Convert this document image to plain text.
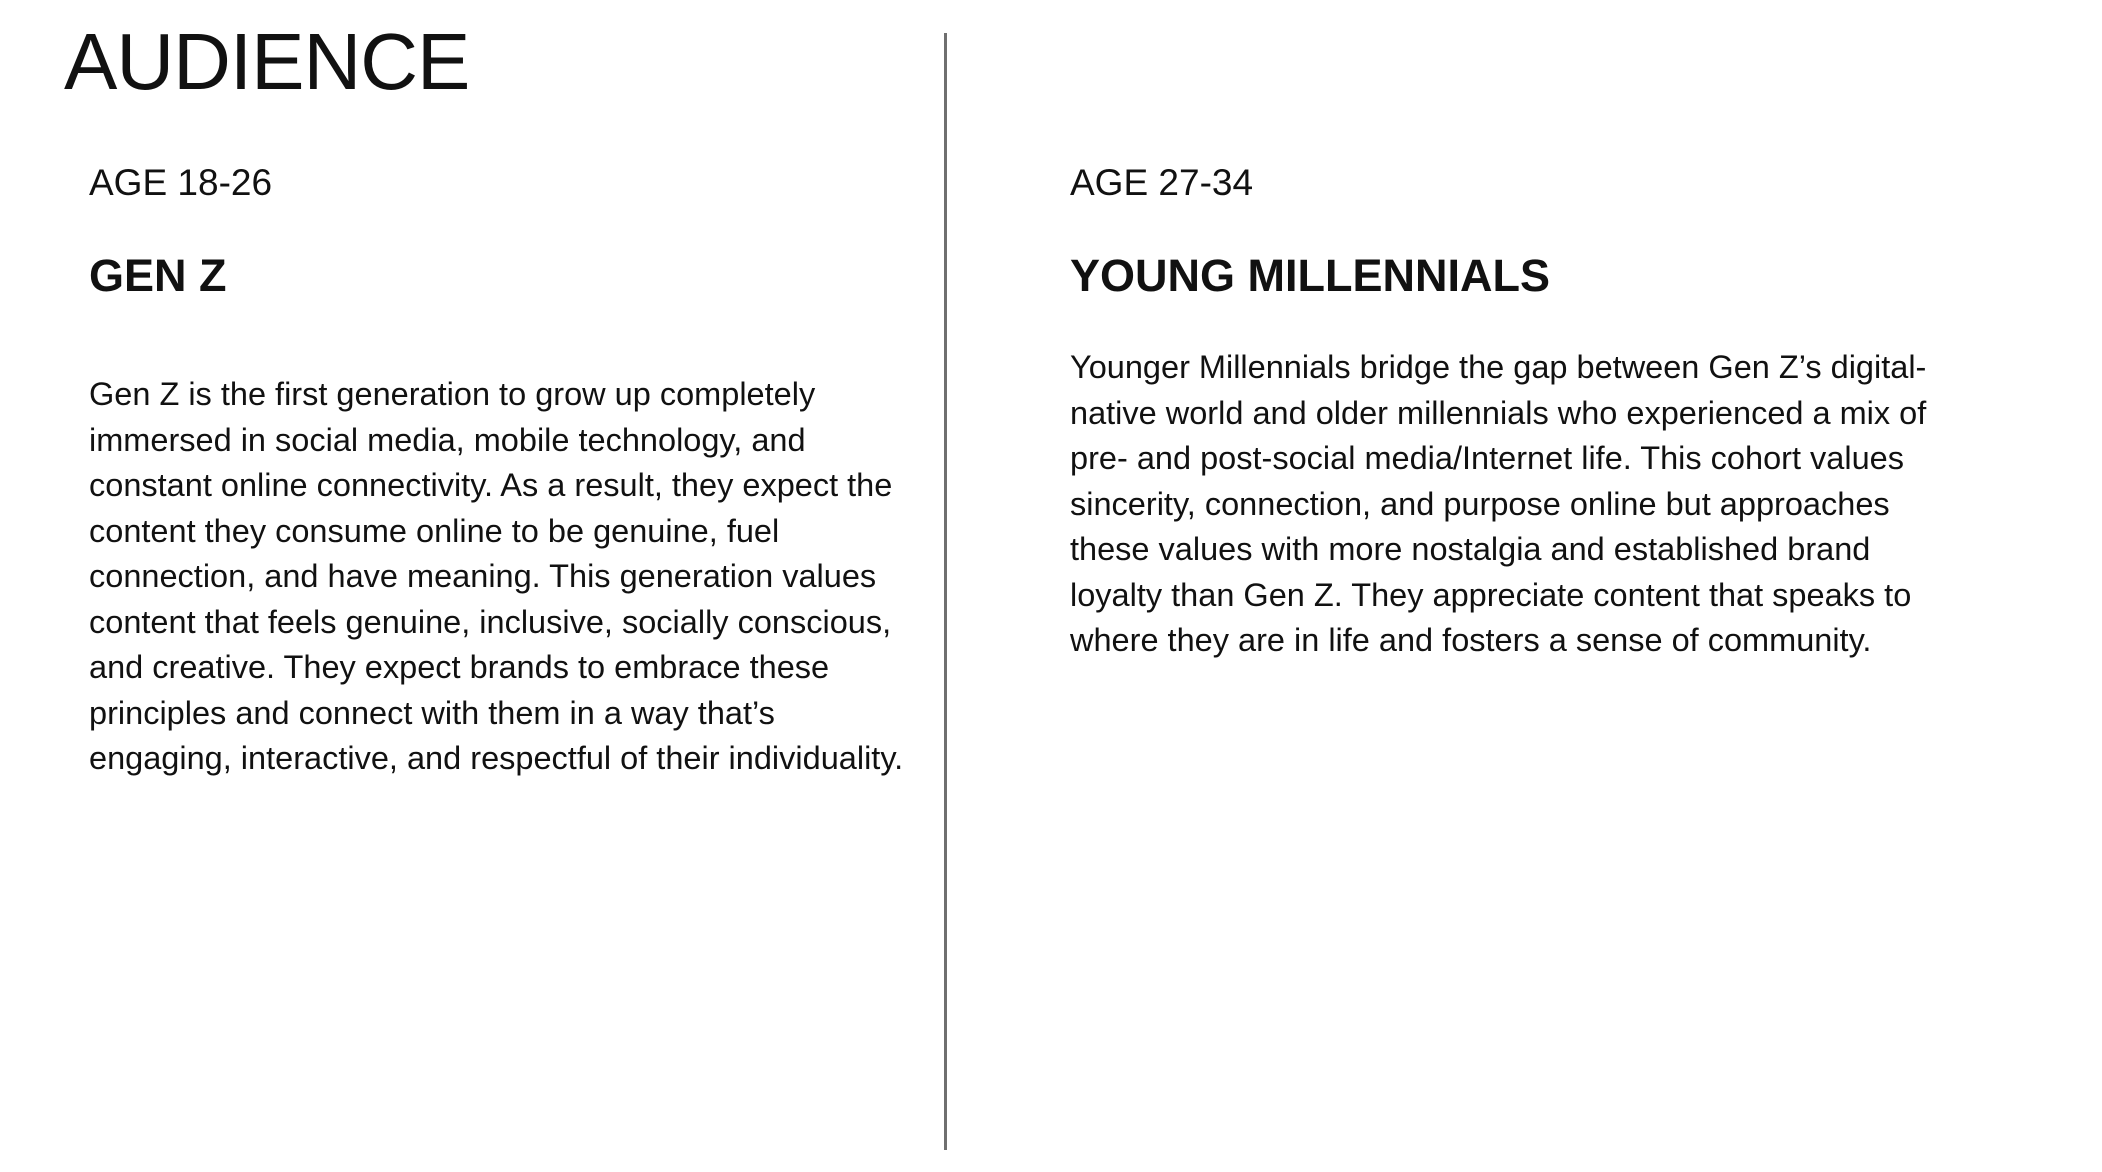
AUDIENCE

AGE 18-26

GEN Z

Gen Z is the first generation to grow up completely immersed in social media, mobile technology, and constant online connectivity. As a result, they expect the content they consume online to be genuine, fuel connection, and have meaning. This generation values content that feels genuine, inclusive, socially conscious, and creative. They expect brands to embrace these principles and connect with them in a way that’s engaging, interactive, and respectful of their individuality.

AGE 27-34

YOUNG MILLENNIALS

Younger Millennials bridge the gap between Gen Z’s digital-native world and older millennials who experienced a mix of pre- and post-social media/Internet life. This cohort values sincerity, connection, and purpose online but approaches these values with more nostalgia and established brand loyalty than Gen Z. They appreciate content that speaks to where they are in life and fosters a sense of community.
